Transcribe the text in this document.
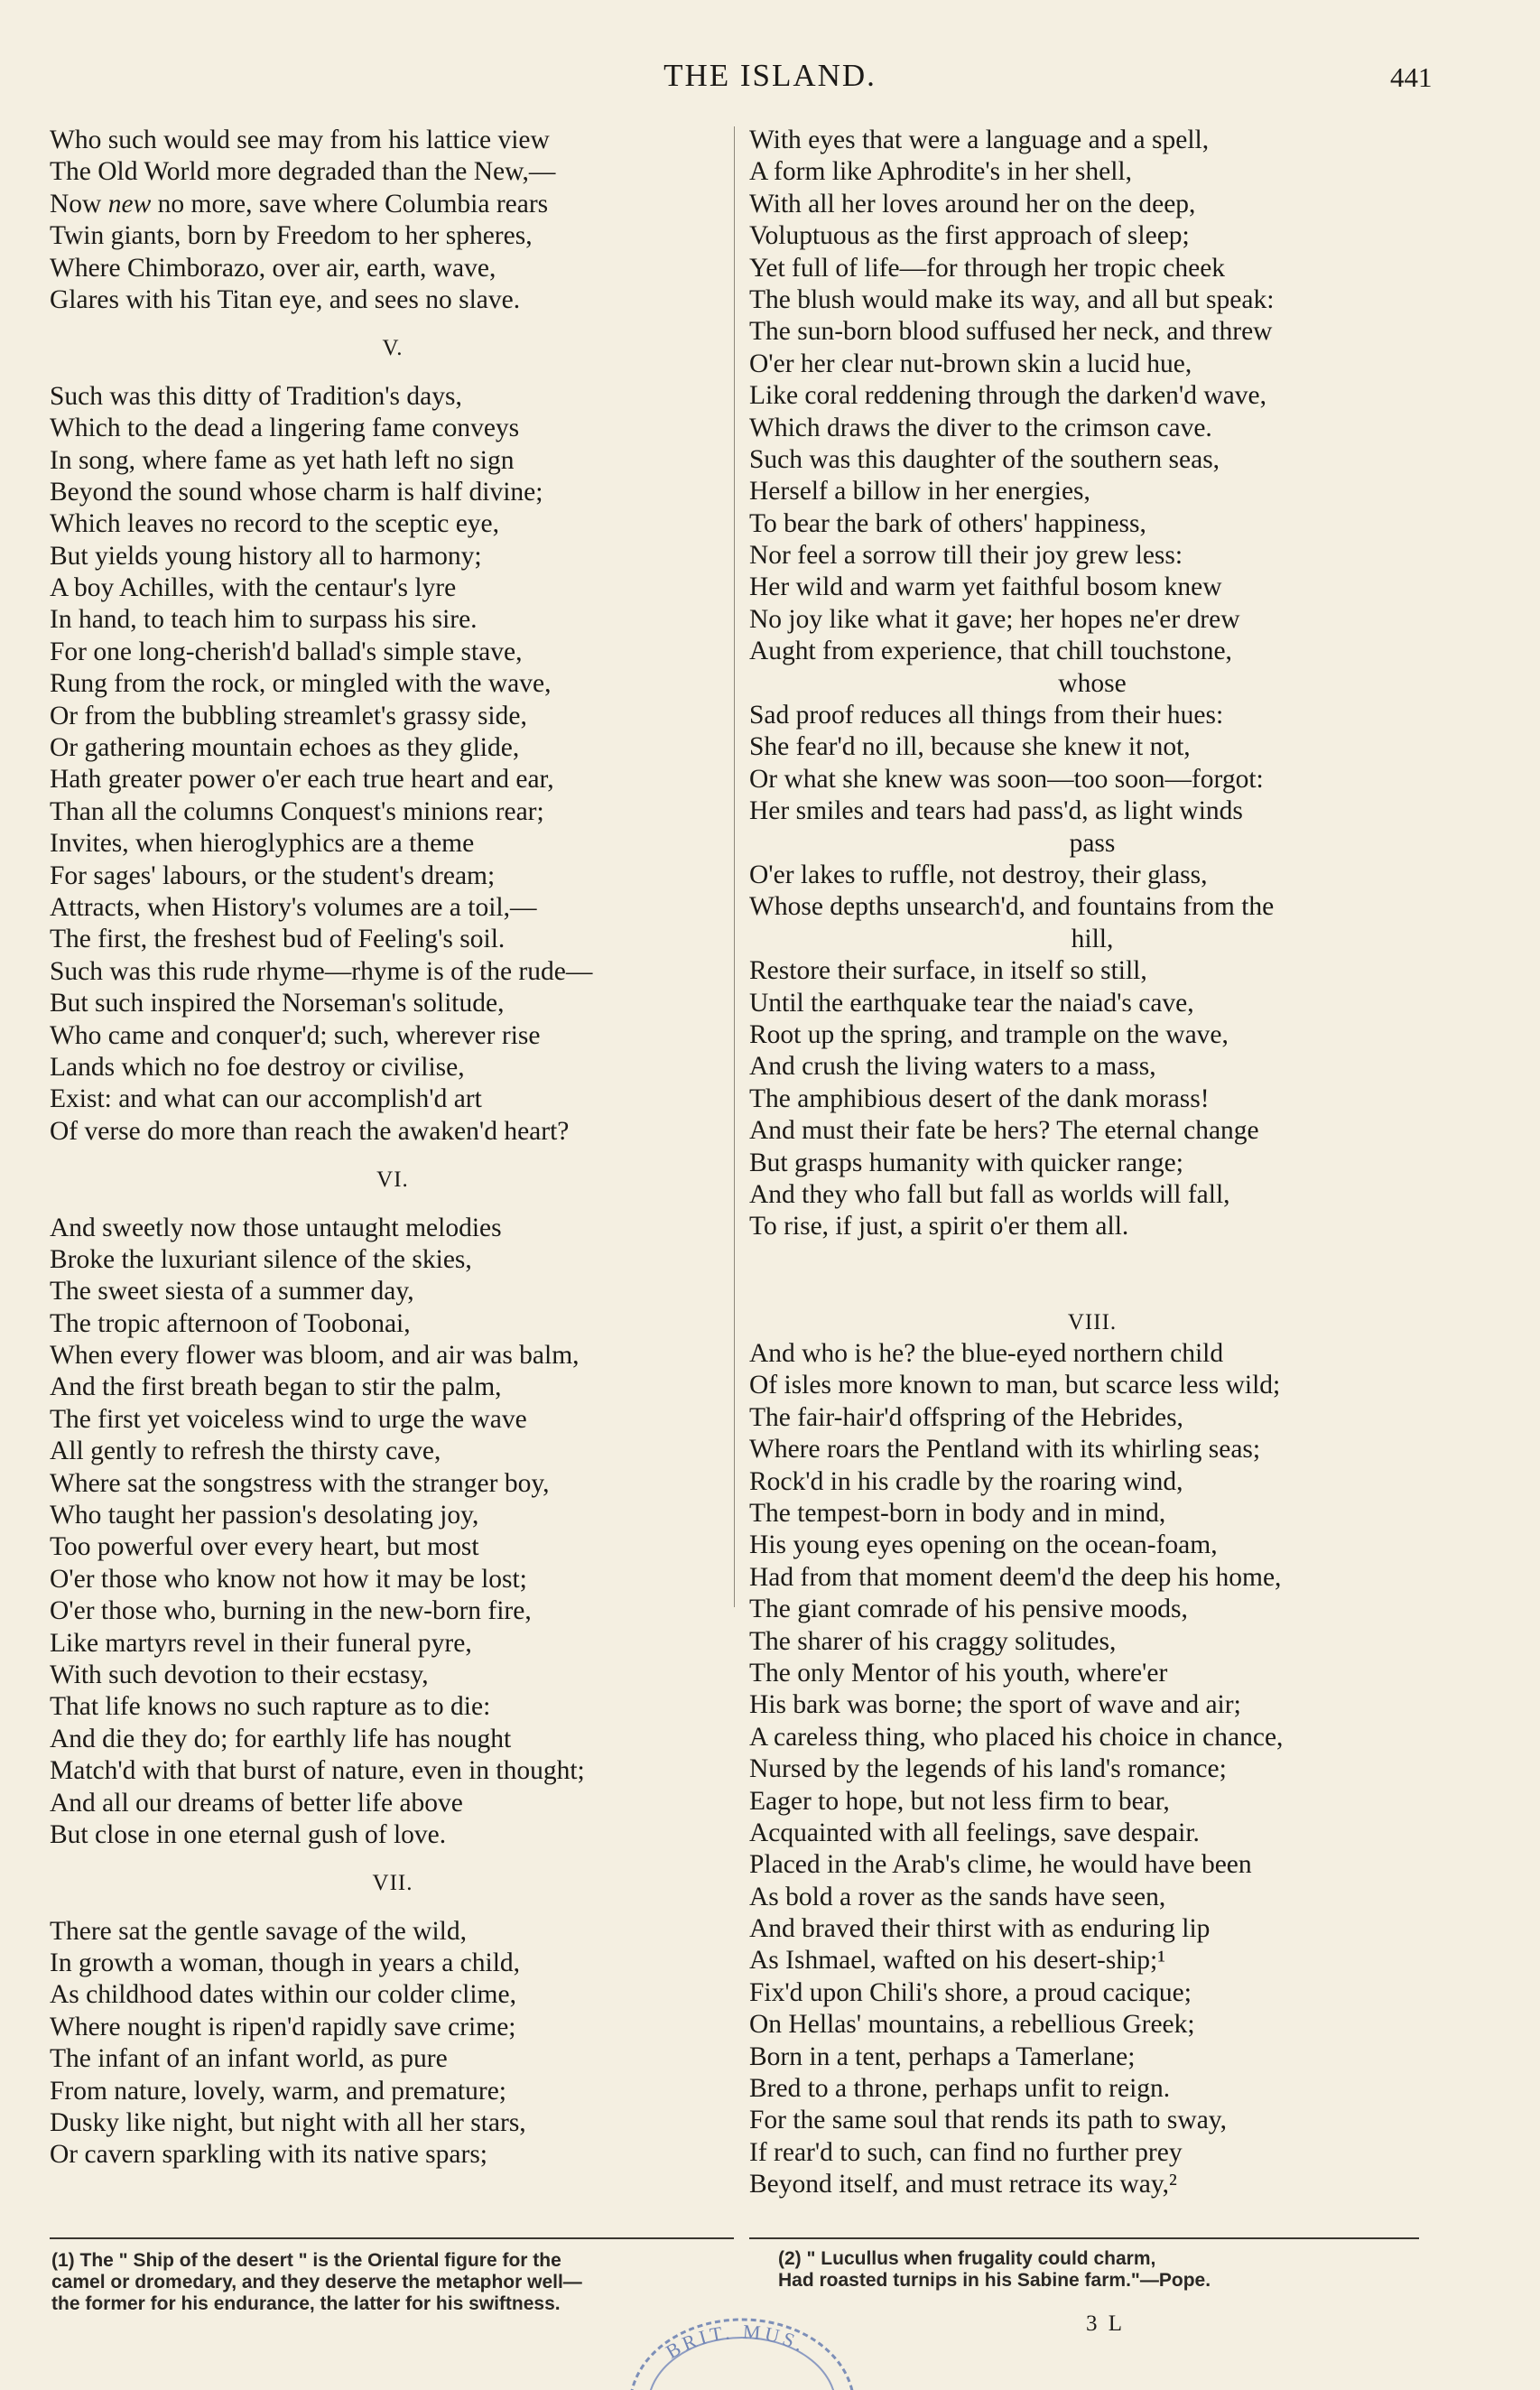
THE ISLAND.	441
Who such would see may from his lattice view
The Old World more degraded than the New,—
Now new no more, save where Columbia rears
Twin giants, born by Freedom to her spheres,
Where Chimborazo, over air, earth, wave,
Glares with his Titan eye, and sees no slave.
V.
Such was this ditty of Tradition's days,
Which to the dead a lingering fame conveys
In song, where fame as yet hath left no sign
Beyond the sound whose charm is half divine;
Which leaves no record to the sceptic eye,
But yields young history all to harmony;
A boy Achilles, with the centaur's lyre
In hand, to teach him to surpass his sire.
For one long-cherish'd ballad's simple stave,
Rung from the rock, or mingled with the wave,
Or from the bubbling streamlet's grassy side,
Or gathering mountain echoes as they glide,
Hath greater power o'er each true heart and ear,
Than all the columns Conquest's minions rear;
Invites, when hieroglyphics are a theme
For sages' labours, or the student's dream;
Attracts, when History's volumes are a toil,—
The first, the freshest bud of Feeling's soil.
Such was this rude rhyme—rhyme is of the rude—
But such inspired the Norseman's solitude,
Who came and conquer'd; such, wherever rise
Lands which no foe destroy or civilise,
Exist: and what can our accomplish'd art
Of verse do more than reach the awaken'd heart?
VI.
And sweetly now those untaught melodies
Broke the luxuriant silence of the skies,
The sweet siesta of a summer day,
The tropic afternoon of Toobonai,
When every flower was bloom, and air was balm,
And the first breath began to stir the palm,
The first yet voiceless wind to urge the wave
All gently to refresh the thirsty cave,
Where sat the songstress with the stranger boy,
Who taught her passion's desolating joy,
Too powerful over every heart, but most
O'er those who know not how it may be lost;
O'er those who, burning in the new-born fire,
Like martyrs revel in their funeral pyre,
With such devotion to their ecstasy,
That life knows no such rapture as to die:
And die they do; for earthly life has nought
Match'd with that burst of nature, even in thought;
And all our dreams of better life above
But close in one eternal gush of love.
VII.
There sat the gentle savage of the wild,
In growth a woman, though in years a child,
As childhood dates within our colder clime,
Where nought is ripen'd rapidly save crime;
The infant of an infant world, as pure
From nature, lovely, warm, and premature;
Dusky like night, but night with all her stars,
Or cavern sparkling with its native spars;
With eyes that were a language and a spell,
A form like Aphrodite's in her shell,
With all her loves around her on the deep,
Voluptuous as the first approach of sleep;
Yet full of life—for through her tropic cheek
The blush would make its way, and all but speak:
The sun-born blood suffused her neck, and threw
O'er her clear nut-brown skin a lucid hue,
Like coral reddening through the darken'd wave,
Which draws the diver to the crimson cave.
Such was this daughter of the southern seas,
Herself a billow in her energies,
To bear the bark of others' happiness,
Nor feel a sorrow till their joy grew less:
Her wild and warm yet faithful bosom knew
No joy like what it gave; her hopes ne'er drew
Aught from experience, that chill touchstone,
whose
Sad proof reduces all things from their hues:
She fear'd no ill, because she knew it not,
Or what she knew was soon—too soon—forgot:
Her smiles and tears had pass'd, as light winds
pass
O'er lakes to ruffle, not destroy, their glass,
Whose depths unsearch'd, and fountains from the
hill,
Restore their surface, in itself so still,
Until the earthquake tear the naiad's cave,
Root up the spring, and trample on the wave,
And crush the living waters to a mass,
The amphibious desert of the dank morass!
And must their fate be hers? The eternal change
But grasps humanity with quicker range;
And they who fall but fall as worlds will fall,
To rise, if just, a spirit o'er them all.
VIII.
And who is he? the blue-eyed northern child
Of isles more known to man, but scarce less wild;
The fair-hair'd offspring of the Hebrides,
Where roars the Pentland with its whirling seas;
Rock'd in his cradle by the roaring wind,
The tempest-born in body and in mind,
His young eyes opening on the ocean-foam,
Had from that moment deem'd the deep his home,
The giant comrade of his pensive moods,
The sharer of his craggy solitudes,
The only Mentor of his youth, where'er
His bark was borne; the sport of wave and air;
A careless thing, who placed his choice in chance,
Nursed by the legends of his land's romance;
Eager to hope, but not less firm to bear,
Acquainted with all feelings, save despair.
Placed in the Arab's clime, he would have been
As bold a rover as the sands have seen,
And braved their thirst with as enduring lip
As Ishmael, wafted on his desert-ship;¹
Fix'd upon Chili's shore, a proud cacique;
On Hellas' mountains, a rebellious Greek;
Born in a tent, perhaps a Tamerlane;
Bred to a throne, perhaps unfit to reign.
For the same soul that rends its path to sway,
If rear'd to such, can find no further prey
Beyond itself, and must retrace its way,²
(1) The " Ship of the desert " is the Oriental figure for the
camel or dromedary, and they deserve the metaphor well—
the former for his endurance, the latter for his swiftness.
(2) " Lucullus when frugality could charm,
Had roasted turnips in his Sabine farm."—Pope.
3 L
BRIT. MUS.
